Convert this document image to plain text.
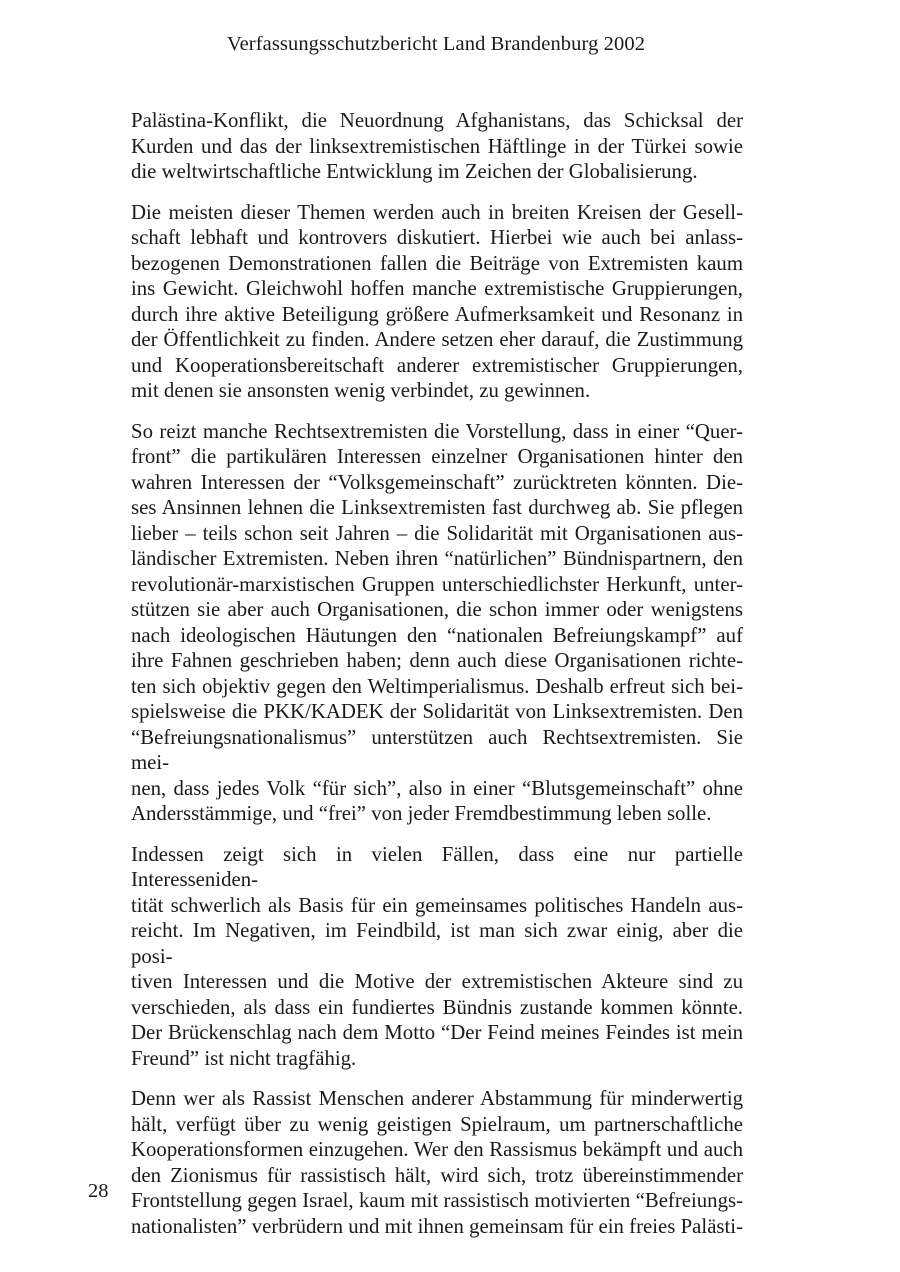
Verfassungsschutzbericht Land Brandenburg 2002
Palästina-Konflikt, die Neuordnung Afghanistans, das Schicksal der
Kurden und das der linksextremistischen Häftlinge in der Türkei sowie
die weltwirtschaftliche Entwicklung im Zeichen der Globalisierung.
Die meisten dieser Themen werden auch in breiten Kreisen der Gesell-
schaft lebhaft und kontrovers diskutiert. Hierbei wie auch bei anlass-
bezogenen Demonstrationen fallen die Beiträge von Extremisten kaum
ins Gewicht. Gleichwohl hoffen manche extremistische Gruppierungen,
durch ihre aktive Beteiligung größere Aufmerksamkeit und Resonanz in
der Öffentlichkeit zu finden. Andere setzen eher darauf, die Zustimmung
und Kooperationsbereitschaft anderer extremistischer Gruppierungen,
mit denen sie ansonsten wenig verbindet, zu gewinnen.
So reizt manche Rechtsextremisten die Vorstellung, dass in einer “Quer-
front” die partikulären Interessen einzelner Organisationen hinter den
wahren Interessen der “Volksgemeinschaft” zurücktreten könnten. Die-
ses Ansinnen lehnen die Linksextremisten fast durchweg ab. Sie pflegen
lieber – teils schon seit Jahren – die Solidarität mit Organisationen aus-
ländischer Extremisten. Neben ihren “natürlichen” Bündnispartnern, den
revolutionär-marxistischen Gruppen unterschiedlichster Herkunft, unter-
stützen sie aber auch Organisationen, die schon immer oder wenigstens
nach ideologischen Häutungen den “nationalen Befreiungskampf” auf
ihre Fahnen geschrieben haben; denn auch diese Organisationen richte-
ten sich objektiv gegen den Weltimperialismus. Deshalb erfreut sich bei-
spielsweise die PKK/KADEK der Solidarität von Linksextremisten. Den
“Befreiungsnationalismus” unterstützen auch Rechtsextremisten. Sie mei-
nen, dass jedes Volk “für sich”, also in einer “Blutsgemeinschaft” ohne
Andersstämmige, und “frei” von jeder Fremdbestimmung leben solle.
Indessen zeigt sich in vielen Fällen, dass eine nur partielle Interesseniden-
tität schwerlich als Basis für ein gemeinsames politisches Handeln aus-
reicht. Im Negativen, im Feindbild, ist man sich zwar einig, aber die posi-
tiven Interessen und die Motive der extremistischen Akteure sind zu
verschieden, als dass ein fundiertes Bündnis zustande kommen könnte.
Der Brückenschlag nach dem Motto “Der Feind meines Feindes ist mein
Freund” ist nicht tragfähig.
Denn wer als Rassist Menschen anderer Abstammung für minderwertig
hält, verfügt über zu wenig geistigen Spielraum, um partnerschaftliche
Kooperationsformen einzugehen. Wer den Rassismus bekämpft und auch
den Zionismus für rassistisch hält, wird sich, trotz übereinstimmender
Frontstellung gegen Israel, kaum mit rassistisch motivierten “Befreiungs-
nationalisten” verbrüdern und mit ihnen gemeinsam für ein freies Palästi-
28
